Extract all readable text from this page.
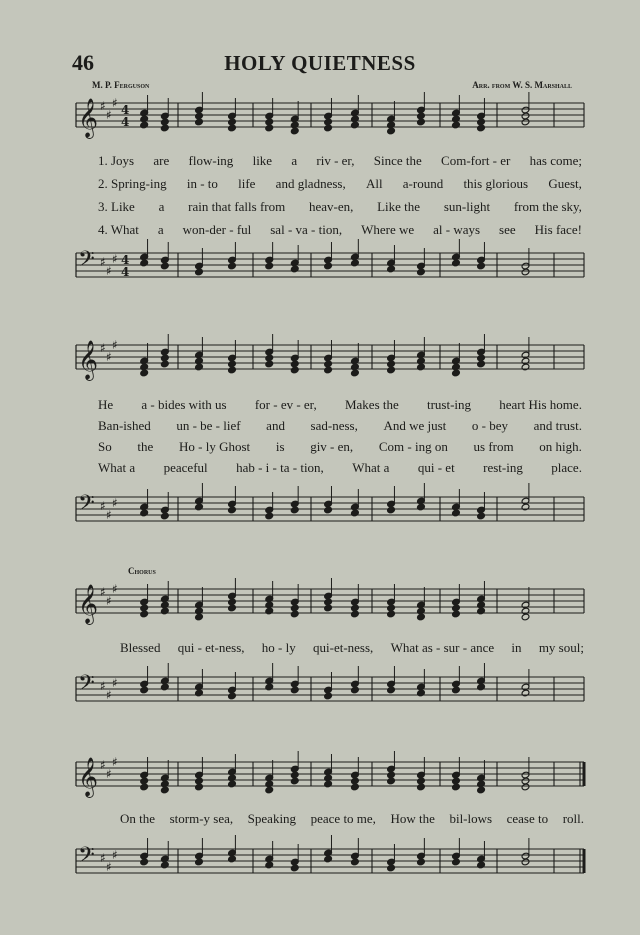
46	HOLY QUIETNESS
M. P. Ferguson	Arr. from W. S. Marshall
Chorus
𝄞 ♯
♯
♯ 4
4
𝄢 ♯
♯
♯ 4
4
𝄞 ♯
♯
♯
𝄢 ♯
♯
♯
𝄞 ♯
♯
♯
𝄢 ♯
♯
♯
𝄞 ♯
♯
♯
𝄢 ♯
♯
♯
1. Joys are flow-ing like a riv - er, Since the Com-fort - er has come;
2. Spring-ing in - to life and gladness, All a-round this glorious Guest,
3. Like a rain that falls from heav-en, Like the sun-light from the sky,
4. What a won-der - ful sal - va - tion, Where we al - ways see His face!
He a - bides with us for - ev - er, Makes the trust-ing heart His home.
Ban-ished un - be - lief and sad-ness, And we just o - bey and trust.
So the Ho - ly Ghost is giv - en, Com - ing on us from on high.
What a peaceful hab - i - ta - tion, What a qui - et rest-ing place.
Blessed qui - et-ness, ho - ly qui-et-ness, What as - sur - ance in my soul;
On the storm-y sea, Speaking peace to me, How the bil-lows cease to roll.
